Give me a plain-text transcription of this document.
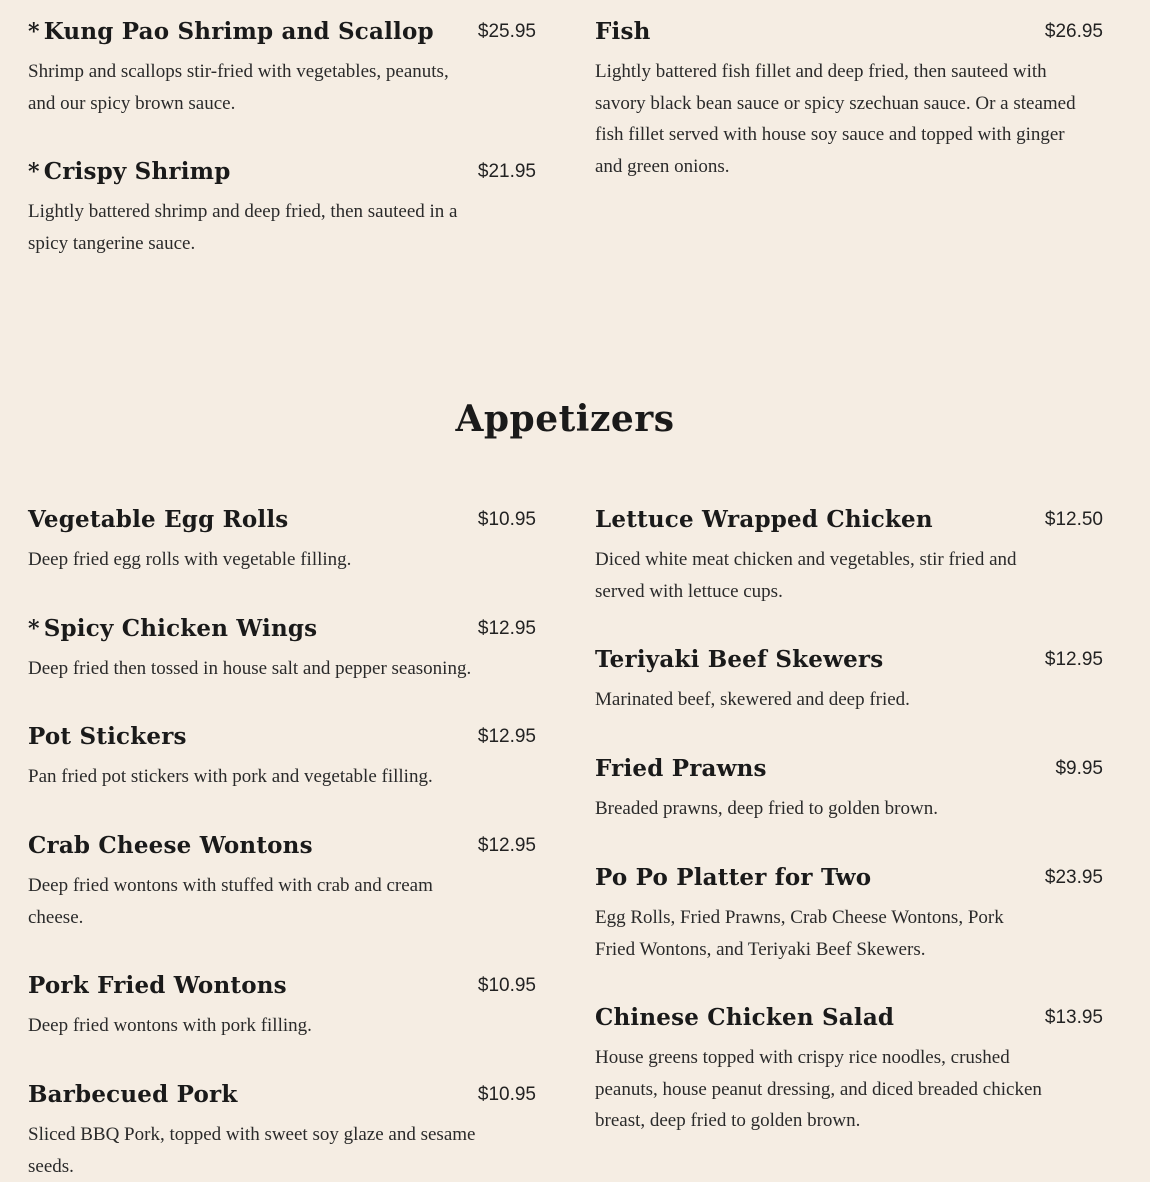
* Kung Pao Shrimp and Scallop $25.95
Shrimp and scallops stir-fried with vegetables, peanuts, and our spicy brown sauce.
* Crispy Shrimp	$21.95
Lightly battered shrimp and deep fried, then sauteed in a spicy tangerine sauce.
Fish	$26.95
Lightly battered fish fillet and deep fried, then sauteed with savory black bean sauce or spicy szechuan sauce. Or a steamed fish fillet served with house soy sauce and topped with ginger and green onions.
Appetizers
Vegetable Egg Rolls	$10.95
Deep fried egg rolls with vegetable filling.
* Spicy Chicken Wings	$12.95
Deep fried then tossed in house salt and pepper seasoning.
Pot Stickers	$12.95
Pan fried pot stickers with pork and vegetable filling.
Crab Cheese Wontons	$12.95
Deep fried wontons with stuffed with crab and cream cheese.
Pork Fried Wontons	$10.95
Deep fried wontons with pork filling.
Barbecued Pork	$10.95
Sliced BBQ Pork, topped with sweet soy glaze and sesame seeds.
Lettuce Wrapped Chicken	$12.50
Diced white meat chicken and vegetables, stir fried and served with lettuce cups.
Teriyaki Beef Skewers	$12.95
Marinated beef, skewered and deep fried.
Fried Prawns	$9.95
Breaded prawns, deep fried to golden brown.
Po Po Platter for Two	$23.95
Egg Rolls, Fried Prawns, Crab Cheese Wontons, Pork Fried Wontons, and Teriyaki Beef Skewers.
Chinese Chicken Salad	$13.95
House greens topped with crispy rice noodles, crushed peanuts, house peanut dressing, and diced breaded chicken breast, deep fried to golden brown.
